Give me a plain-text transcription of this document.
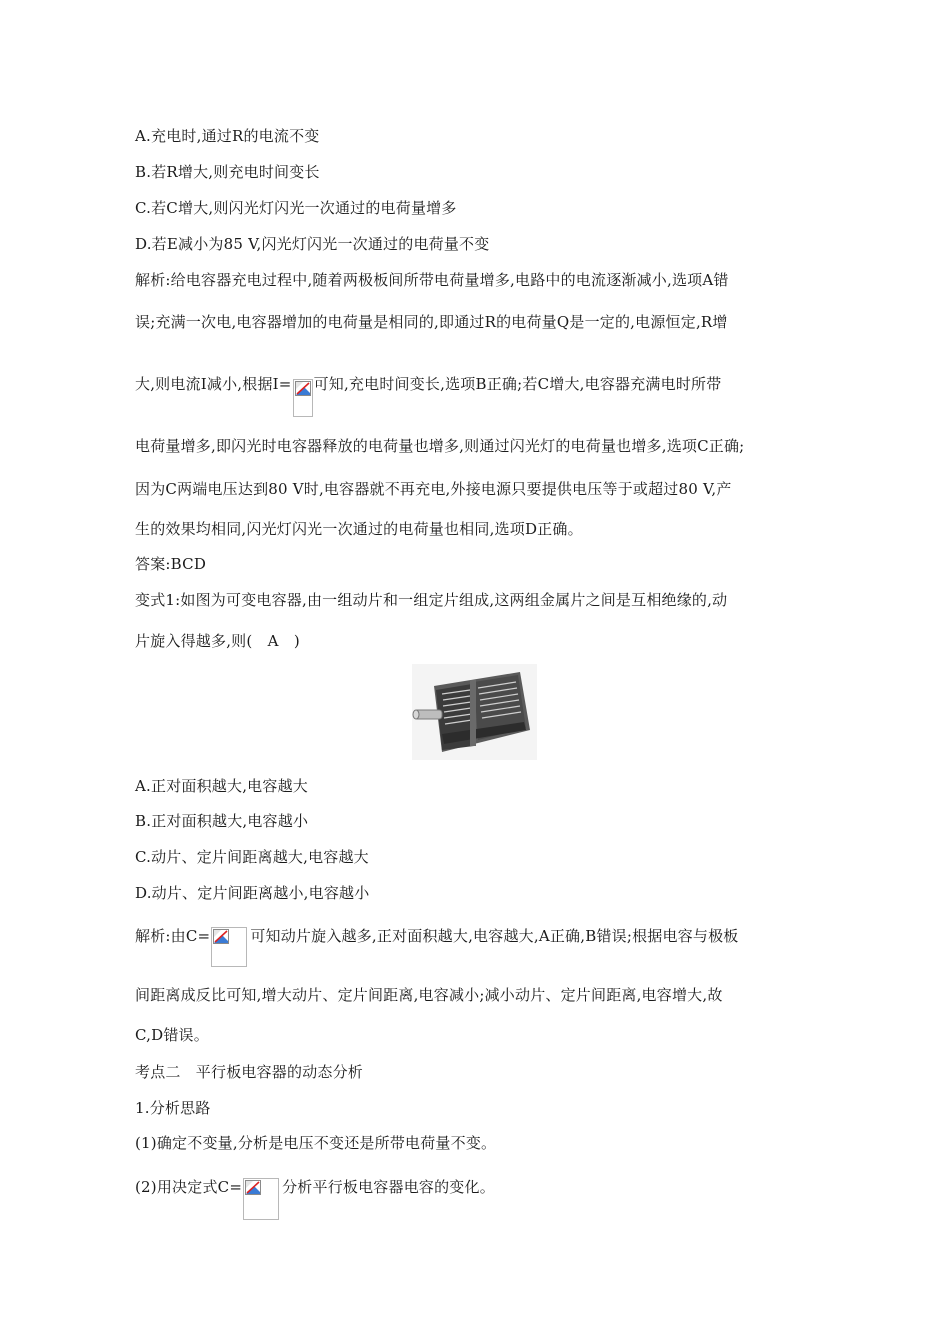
A.充电时,通过R的电流不变
B.若R增大,则充电时间变长
C.若C增大,则闪光灯闪光一次通过的电荷量增多
D.若E减小为85 V,闪光灯闪光一次通过的电荷量不变
解析:给电容器充电过程中,随着两极板间所带电荷量增多,电路中的电流逐渐减小,选项A错
误;充满一次电,电容器增加的电荷量是相同的,即通过R的电荷量Q是一定的,电源恒定,R增
大,则电流I减小,根据I= 可知,充电时间变长,选项B正确;若C增大,电容器充满电时所带
电荷量增多,即闪光时电容器释放的电荷量也增多,则通过闪光灯的电荷量也增多,选项C正确;
因为C两端电压达到80 V时,电容器就不再充电,外接电源只要提供电压等于或超过80 V,产
生的效果均相同,闪光灯闪光一次通过的电荷量也相同,选项D正确。
答案:BCD
变式1:如图为可变电容器,由一组动片和一组定片组成,这两组金属片之间是互相绝缘的,动
片旋入得越多,则(　A　)
A.正对面积越大,电容越大
B.正对面积越大,电容越小
C.动片、定片间距离越大,电容越大
D.动片、定片间距离越小,电容越小
解析:由C=	可知动片旋入越多,正对面积越大,电容越大,A正确,B错误;根据电容与极板
间距离成反比可知,增大动片、定片间距离,电容减小;减小动片、定片间距离,电容增大,故
C,D错误。
考点二　平行板电容器的动态分析
1.分析思路
(1)确定不变量,分析是电压不变还是所带电荷量不变。
(2)用决定式C=	分析平行板电容器电容的变化。
